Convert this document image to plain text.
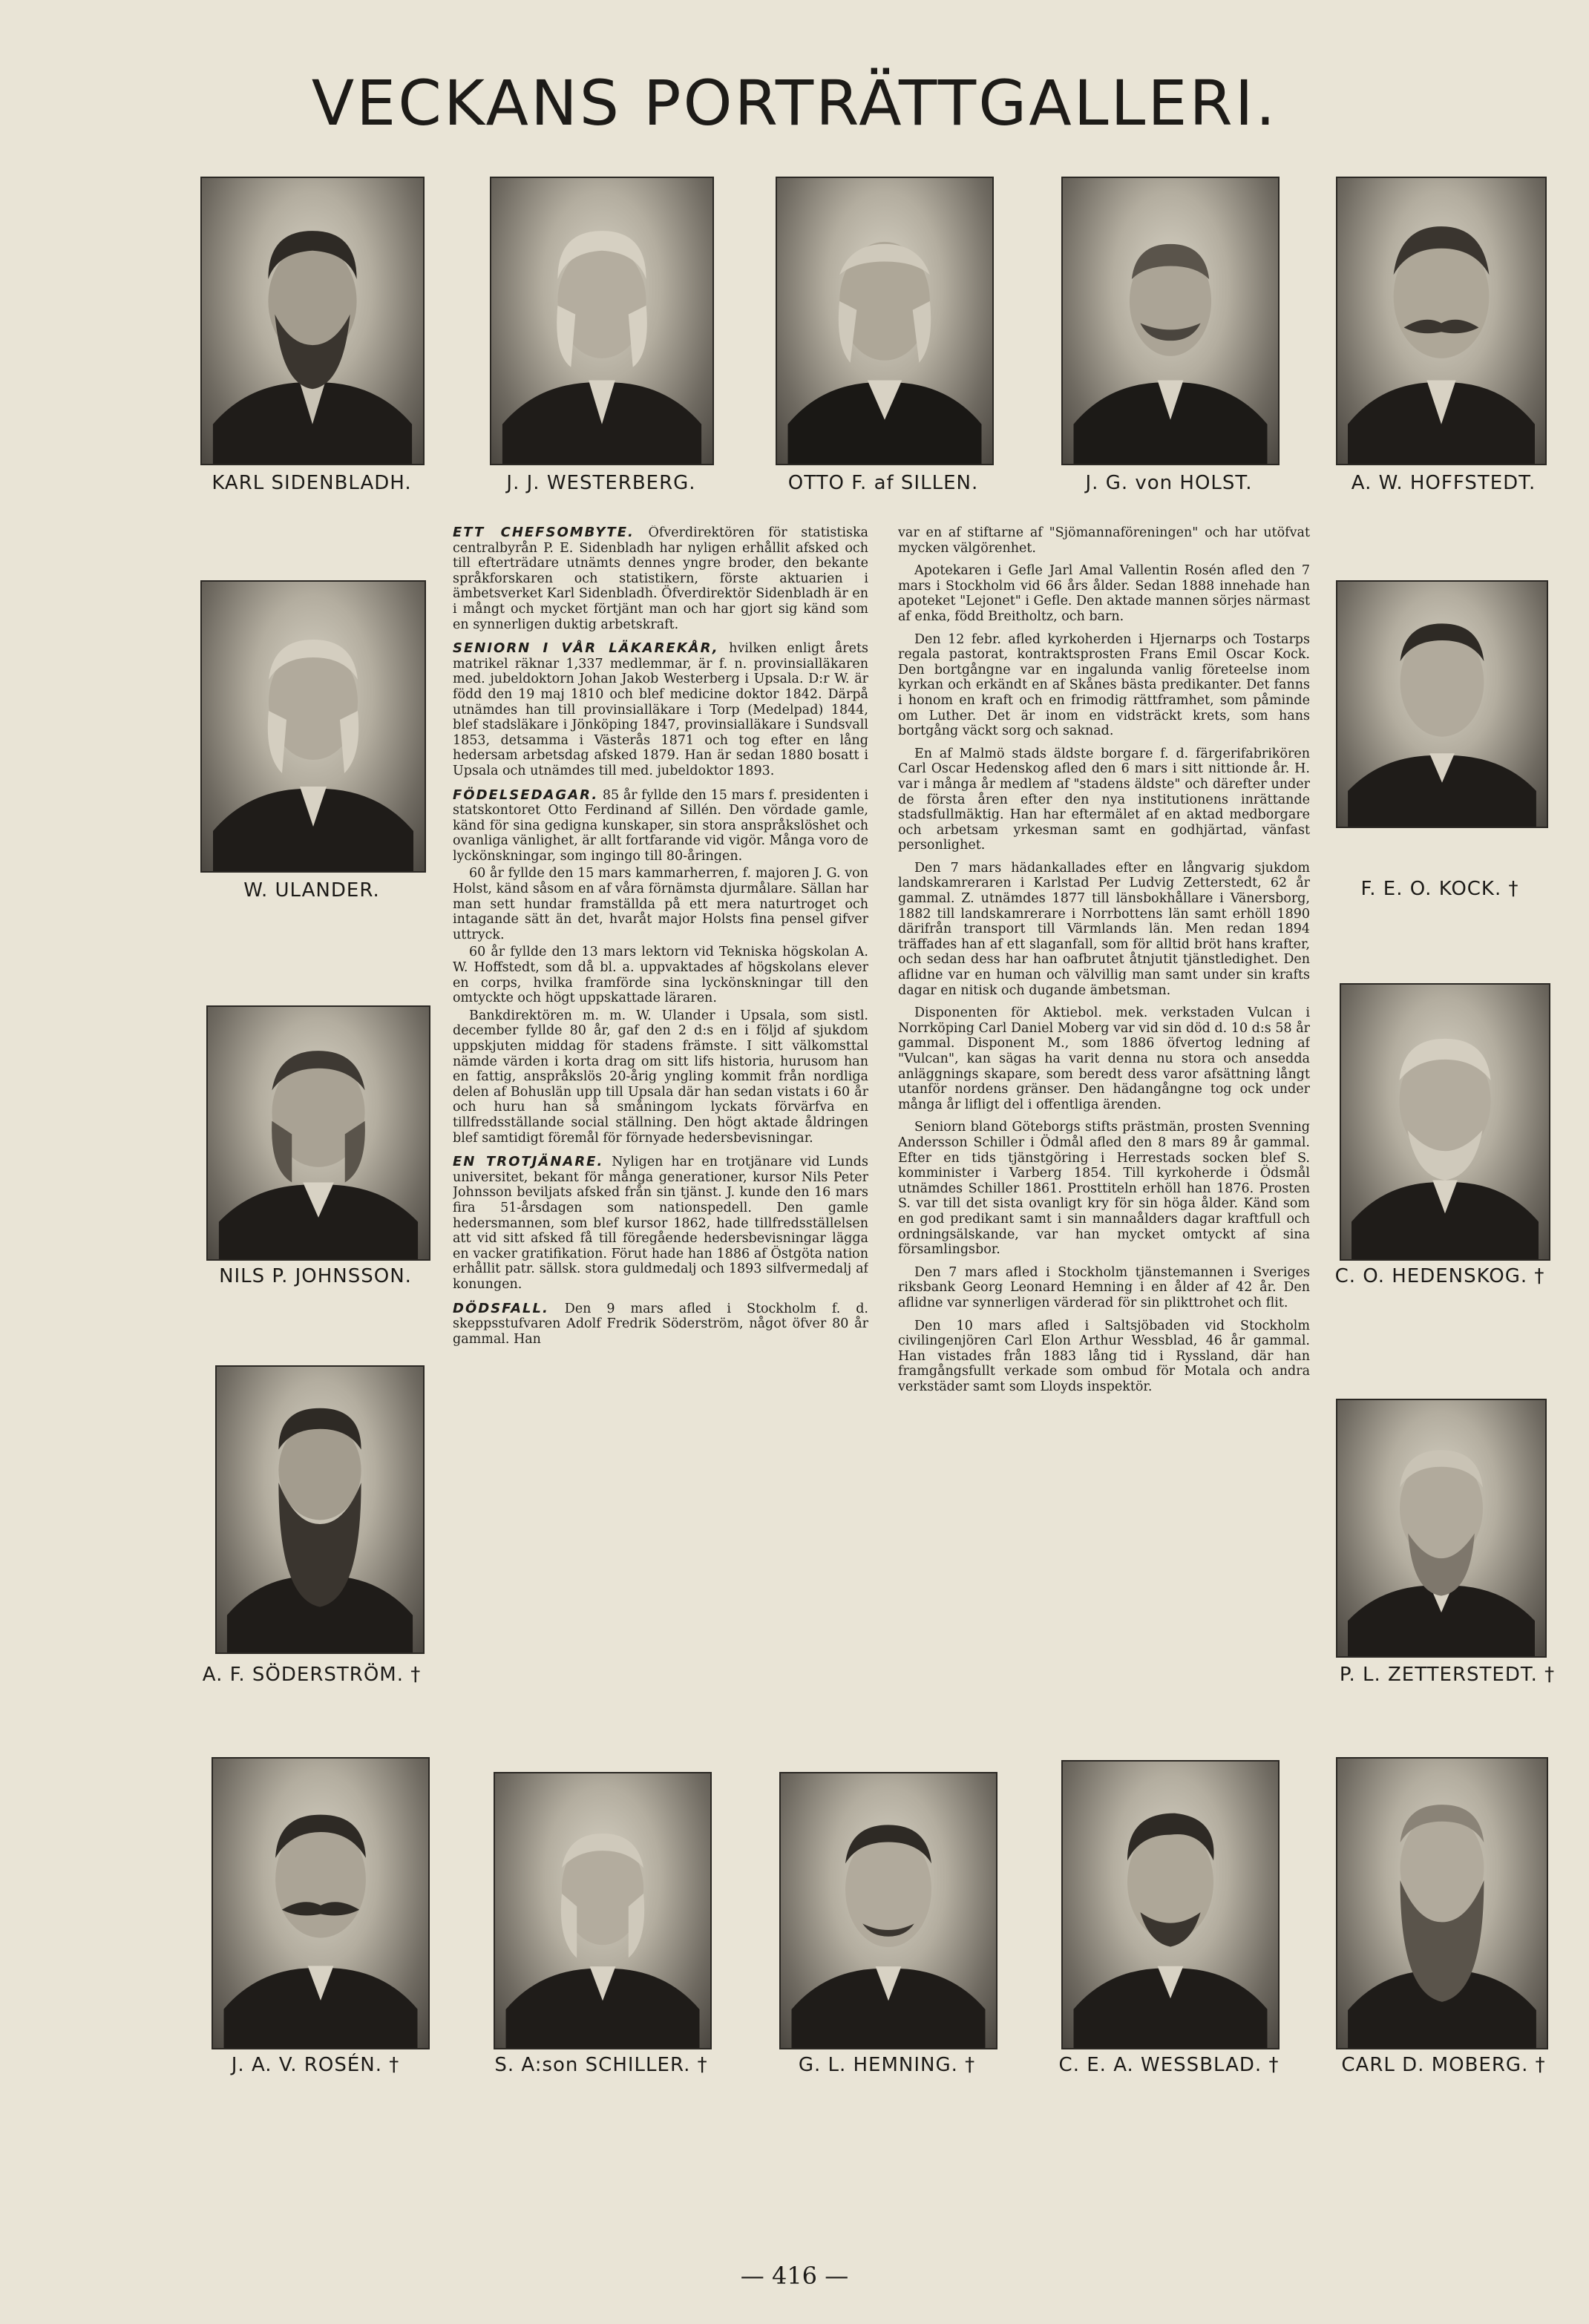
VECKANS PORTRÄTTGALLERI.
KARL SIDENBLADH.	J. J. WESTERBERG.	OTTO F. af SILLEN.	J. G. von HOLST.	A. W. HOFFSTEDT.
W. ULANDER.
NILS P. JOHNSSON.
A. F. SÖDERSTRÖM. †
F. E. O. KOCK. †
C. O. HEDENSKOG. †
P. L. ZETTERSTEDT. †
J. A. V. ROSÉN. †	S. A:son SCHILLER. †	G. L. HEMNING. †	C. E. A. WESSBLAD. †	CARL D. MOBERG. †

ETT CHEFSOMBYTE. Öfverdirektören för statistiska centralbyrån P. E. Sidenbladh har nyligen erhållit afsked och till efterträdare utnämts dennes yngre broder, den bekante språkforskaren och statistikern, förste aktuarien i ämbetsverket Karl Sidenbladh. Öfverdirektör Sidenbladh är en i mångt och mycket förtjänt man och har gjort sig känd som en synnerligen duktig arbetskraft.

SENIORN I VÅR LÄKAREKÅR, hvilken enligt årets matrikel räknar 1,337 medlemmar, är f. n. provinsialläkaren med. jubeldoktorn Johan Jakob Westerberg i Upsala. D:r W. är född den 19 maj 1810 och blef medicine doktor 1842. Därpå utnämdes han till provinsialläkare i Torp (Medelpad) 1844, blef stadsläkare i Jönköping 1847, provinsialläkare i Sundsvall 1853, detsamma i Västerås 1871 och tog efter en lång hedersam arbetsdag afsked 1879. Han är sedan 1880 bosatt i Upsala och utnämdes till med. jubeldoktor 1893.

FÖDELSEDAGAR. 85 år fyllde den 15 mars f. presidenten i statskontoret Otto Ferdinand af Sillén. Den vördade gamle, känd för sina gedigna kunskaper, sin stora anspråkslöshet och ovanliga vänlighet, är allt fortfarande vid vigör. Många voro de lyckönskningar, som ingingo till 80-åringen.

60 år fyllde den 15 mars kammarherren, f. majoren J. G. von Holst, känd såsom en af våra förnämsta djurmålare. Sällan har man sett hundar framställda på ett mera naturtroget och intagande sätt än det, hvaråt major Holsts fina pensel gifver uttryck.

60 år fyllde den 13 mars lektorn vid Tekniska högskolan A. W. Hoffstedt, som då bl. a. uppvaktades af högskolans elever en corps, hvilka framförde sina lyckönskningar till den omtyckte och högt uppskattade läraren.

Bankdirektören m. m. W. Ulander i Upsala, som sistl. december fyllde 80 år, gaf den 2 d:s en i följd af sjukdom uppskjuten middag för stadens främste. I sitt välkomsttal nämde värden i korta drag om sitt lifs historia, hurusom han en fattig, anspråkslös 20-årig yngling kommit från nordliga delen af Bohuslän upp till Upsala där han sedan vistats i 60 år och huru han så småningom lyckats förvärfva en tillfredsställande social ställning. Den högt aktade åldringen blef samtidigt föremål för förnyade hedersbevisningar.

EN TROTJÄNARE. Nyligen har en trotjänare vid Lunds universitet, bekant för många generationer, kursor Nils Peter Johnsson beviljats afsked från sin tjänst. J. kunde den 16 mars fira 51-årsdagen som nationspedell. Den gamle hedersmannen, som blef kursor 1862, hade tillfredsställelsen att vid sitt afsked få till föregående hedersbevisningar lägga en vacker gratifikation. Förut hade han 1886 af Östgöta nation erhållit patr. sällsk. stora guldmedalj och 1893 silfvermedalj af konungen.

DÖDSFALL. Den 9 mars afled i Stockholm f. d. skeppsstufvaren Adolf Fredrik Söderström, något öfver 80 år gammal. Han

var en af stiftarne af "Sjömannaföreningen" och har utöfvat mycken välgörenhet.

Apotekaren i Gefle Jarl Amal Vallentin Rosén afled den 7 mars i Stockholm vid 66 års ålder. Sedan 1888 innehade han apoteket "Lejonet" i Gefle. Den aktade mannen sörjes närmast af enka, född Breitholtz, och barn.

Den 12 febr. afled kyrkoherden i Hjernarps och Tostarps regala pastorat, kontraktsprosten Frans Emil Oscar Kock. Den bortgångne var en ingalunda vanlig företeelse inom kyrkan och erkändt en af Skånes bästa predikanter. Det fanns i honom en kraft och en frimodig rättframhet, som påminde om Luther. Det är inom en vidsträckt krets, som hans bortgång väckt sorg och saknad.

En af Malmö stads äldste borgare f. d. färgerifabrikören Carl Oscar Hedenskog afled den 6 mars i sitt nittionde år. H. var i många år medlem af "stadens äldste" och därefter under de första åren efter den nya institutionens inrättande stadsfullmäktig. Han har eftermälet af en aktad medborgare och arbetsam yrkesman samt en godhjärtad, vänfast personlighet.

Den 7 mars hädankallades efter en långvarig sjukdom landskamreraren i Karlstad Per Ludvig Zetterstedt, 62 år gammal. Z. utnämdes 1877 till länsbokhållare i Vänersborg, 1882 till landskamrerare i Norrbottens län samt erhöll 1890 därifrån transport till Värmlands län. Men redan 1894 träffades han af ett slaganfall, som för alltid bröt hans krafter, och sedan dess har han oafbrutet åtnjutit tjänstledighet. Den aflidne var en human och välvillig man samt under sin krafts dagar en nitisk och dugande ämbetsman.

Disponenten för Aktiebol. mek. verkstaden Vulcan i Norrköping Carl Daniel Moberg var vid sin död d. 10 d:s 58 år gammal. Disponent M., som 1886 öfvertog ledning af "Vulcan", kan sägas ha varit denna nu stora och ansedda anläggnings skapare, som beredt dess varor afsättning långt utanför nordens gränser. Den hädangångne tog ock under många år lifligt del i offentliga ärenden.

Seniorn bland Göteborgs stifts prästmän, prosten Svenning Andersson Schiller i Ödmål afled den 8 mars 89 år gammal. Efter en tids tjänstgöring i Herrestads socken blef S. komminister i Varberg 1854. Till kyrkoherde i Ödsmål utnämdes Schiller 1861. Prosttiteln erhöll han 1876. Prosten S. var till det sista ovanligt kry för sin höga ålder. Känd som en god predikant samt i sin mannaålders dagar kraftfull och ordningsälskande, var han mycket omtyckt af sina församlingsbor.

Den 7 mars afled i Stockholm tjänstemannen i Sveriges riksbank Georg Leonard Hemning i en ålder af 42 år. Den aflidne var synnerligen värderad för sin plikttrohet och flit.

Den 10 mars afled i Saltsjöbaden vid Stockholm civilingenjören Carl Elon Arthur Wessblad, 46 år gammal. Han vistades från 1883 lång tid i Ryssland, där han framgångsfullt verkade som ombud för Motala och andra verkstäder samt som Lloyds inspektör.

— 416 —
